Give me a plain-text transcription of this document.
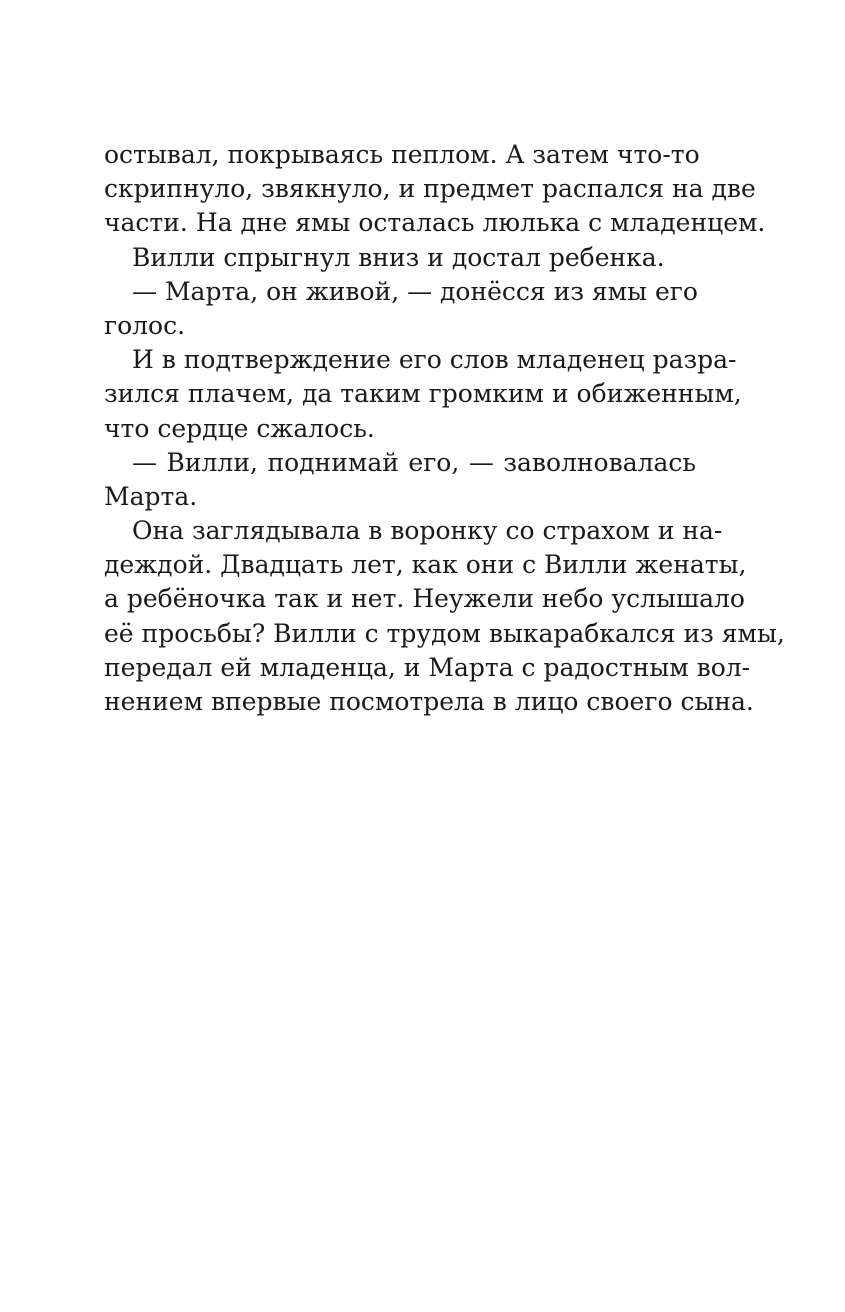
остывал, покрываясь пеплом. А затем что-то
скрипнуло, звякнуло, и предмет распался на две
части. На дне ямы осталась люлька с младенцем.
Вилли спрыгнул вниз и достал ребенка.
— Марта, он живой, — донёсся из ямы его
голос.
И в подтверждение его слов младенец разра-
зился плачем, да таким громким и обиженным,
что сердце сжалось.
— Вилли, поднимай его, — заволновалась
Марта.
Она заглядывала в воронку со страхом и на-
деждой. Двадцать лет, как они с Вилли женаты,
а ребёночка так и нет. Неужели небо услышало
её просьбы? Вилли с трудом выкарабкался из ямы,
передал ей младенца, и Марта с радостным вол-
нением впервые посмотрела в лицо своего сына.
